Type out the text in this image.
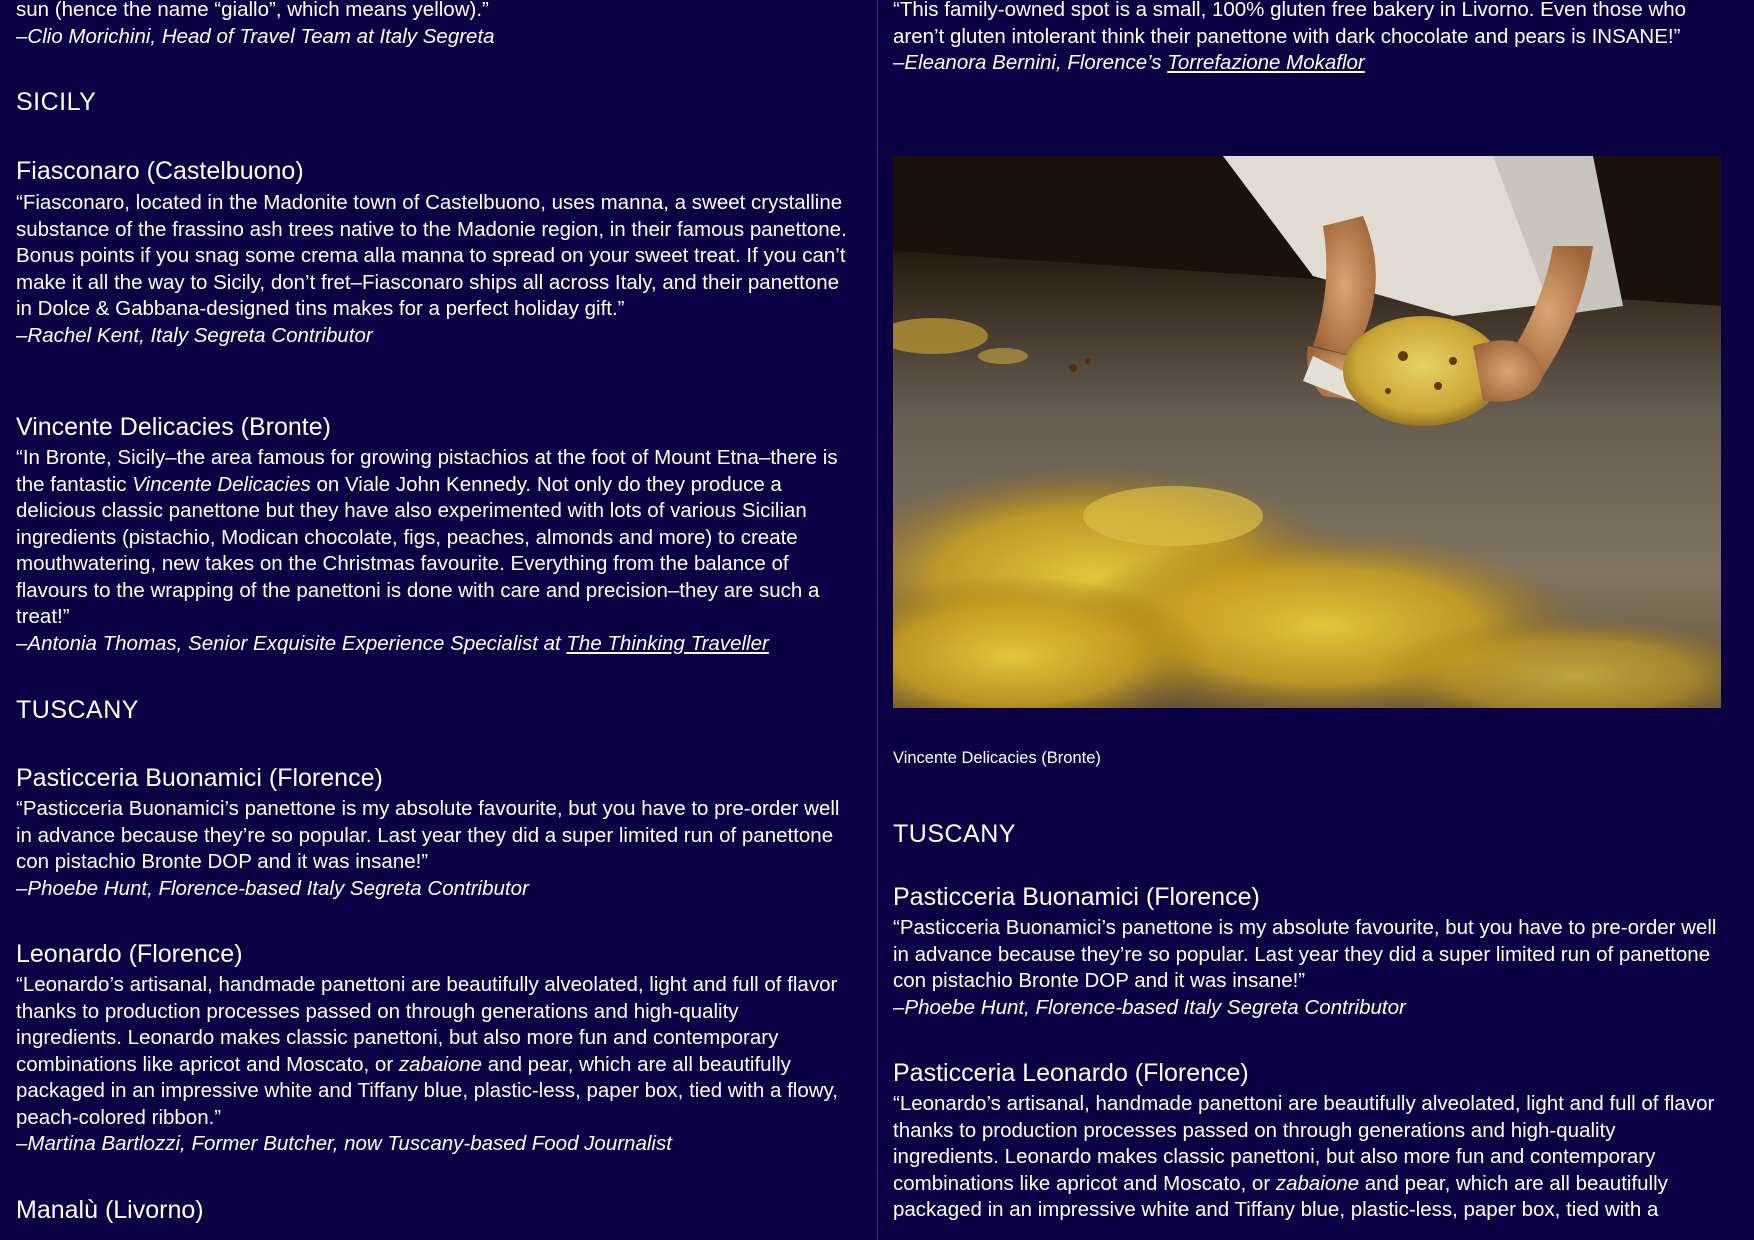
sun (hence the name “giallo”, which means yellow).”

–Clio Morichini, Head of Travel Team at Italy Segreta

SICILY
Fiasconaro (Castelbuono)

“Fiasconaro, located in the Madonite town of Castelbuono, uses manna, a sweet crystalline substance of the frassino ash trees native to the Madonie region, in their famous panettone. Bonus points if you snag some crema alla manna to spread on your sweet treat. If you can’t make it all the way to Sicily, don’t fret–Fiasconaro ships all across Italy, and their panettone in Dolce & Gabbana-designed tins makes for a perfect holiday gift.”

–Rachel Kent, Italy Segreta Contributor

Vincente Delicacies (Bronte)

“In Bronte, Sicily–the area famous for growing pistachios at the foot of Mount Etna–there is the fantastic Vincente Delicacies on Viale John Kennedy. Not only do they produce a delicious classic panettone but they have also experimented with lots of various Sicilian ingredients (pistachio, Modican chocolate, figs, peaches, almonds and more) to create mouthwatering, new takes on the Christmas favourite. Everything from the balance of flavours to the wrapping of the panettoni is done with care and precision–they are such a treat!”

–Antonia Thomas, Senior Exquisite Experience Specialist at The Thinking Traveller

TUSCANY
Pasticceria Buonamici (Florence)

“Pasticceria Buonamici’s panettone is my absolute favourite, but you have to pre-order well in advance because they’re so popular. Last year they did a super limited run of panettone con pistachio Bronte DOP and it was insane!”

–Phoebe Hunt, Florence-based Italy Segreta Contributor

Leonardo (Florence)

“Leonardo’s artisanal, handmade panettoni are beautifully alveolated, light and full of flavor thanks to production processes passed on through generations and high-quality ingredients. Leonardo makes classic panettoni, but also more fun and contemporary combinations like apricot and Moscato, or zabaione and pear, which are all beautifully packaged in an impressive white and Tiffany blue, plastic-less, paper box, tied with a flowy, peach-colored ribbon.”

–Martina Bartlozzi, Former Butcher, now Tuscany-based Food Journalist

Manalù (Livorno)

“This family-owned spot is a small, 100% gluten free bakery in Livorno. Even those who aren’t gluten intolerant think their panettone with dark chocolate and pears is INSANE!”

–Eleanora Bernini, Florence’s Torrefazione Mokaflor

Vincente Delicacies (Bronte)

TUSCANY
Pasticceria Buonamici (Florence)

“Pasticceria Buonamici’s panettone is my absolute favourite, but you have to pre-order well in advance because they’re so popular. Last year they did a super limited run of panettone con pistachio Bronte DOP and it was insane!”

–Phoebe Hunt, Florence-based Italy Segreta Contributor

Pasticceria Leonardo (Florence)

“Leonardo’s artisanal, handmade panettoni are beautifully alveolated, light and full of flavor thanks to production processes passed on through generations and high-quality ingredients. Leonardo makes classic panettoni, but also more fun and contemporary combinations like apricot and Moscato, or zabaione and pear, which are all beautifully packaged in an impressive white and Tiffany blue, plastic-less, paper box, tied with a
